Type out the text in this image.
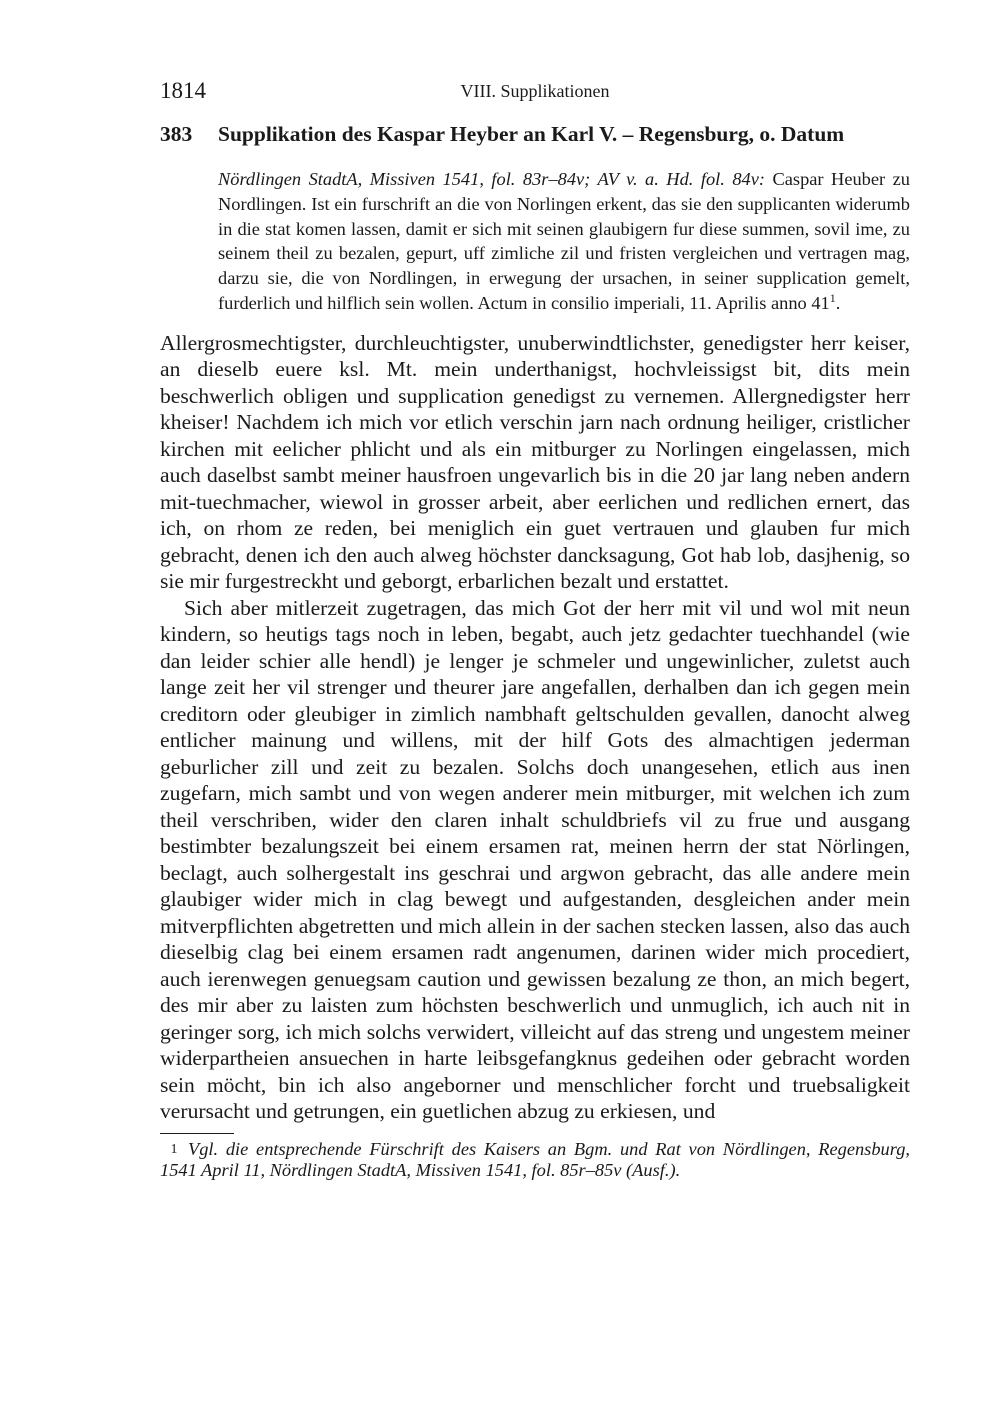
1814	VIII. Supplikationen
383 Supplikation des Kaspar Heyber an Karl V. – Regensburg, o. Datum
Nördlingen StadtA, Missiven 1541, fol. 83r–84v; AV v. a. Hd. fol. 84v: Caspar Heuber zu Nordlingen. Ist ein furschrift an die von Norlingen erkent, das sie den supplicanten widerumb in die stat komen lassen, damit er sich mit seinen glaubigern fur diese summen, sovil ime, zu seinem theil zu bezalen, gepurt, uff zimliche zil und fristen vergleichen und vertragen mag, darzu sie, die von Nordlingen, in erwegung der ursachen, in seiner supplication gemelt, furderlich und hilflich sein wollen. Actum in consilio imperiali, 11. Aprilis anno 41$^1$.

Allergrosmechtigster, durchleuchtigster, unuberwindtlichster, genedigster herr keiser, an dieselb euere ksl. Mt. mein underthanigst, hochvleissigst bit, dits mein beschwerlich obligen und supplication genedigst zu vernemen. Allergnedigster herr kheiser! Nachdem ich mich vor etlich verschin jarn nach ordnung heiliger, cristlicher kirchen mit eelicher phlicht und als ein mitburger zu Norlingen eingelassen, mich auch daselbst sambt meiner hausfroen ungevarlich bis in die 20 jar lang neben andern mit-tuechmacher, wiewol in grosser arbeit, aber eerlichen und redlichen ernert, das ich, on rhom ze reden, bei meniglich ein guet vertrauen und glauben fur mich gebracht, denen ich den auch alweg höchster dancksagung, Got hab lob, dasjhenig, so sie mir furgestreckht und geborgt, erbarlichen bezalt und erstattet.

Sich aber mitlerzeit zugetragen, das mich Got der herr mit vil und wol mit neun kindern, so heutigs tags noch in leben, begabt, auch jetz gedachter tuechhandel (wie dan leider schier alle hendl) je lenger je schmeler und ungewinlicher, zuletst auch lange zeit her vil strenger und theurer jare angefallen, derhalben dan ich gegen mein creditorn oder gleubiger in zimlich nambhaft geltschulden gevallen, danocht alweg entlicher mainung und willens, mit der hilf Gots des almachtigen jederman geburlicher zill und zeit zu bezalen. Solchs doch unangesehen, etlich aus inen zugefarn, mich sambt und von wegen anderer mein mitburger, mit welchen ich zum theil verschriben, wider den claren inhalt schuldbriefs vil zu frue und ausgang bestimbter bezalungszeit bei einem ersamen rat, meinen herrn der stat Nörlingen, beclagt, auch solhergestalt ins geschrai und argwon gebracht, das alle andere mein glaubiger wider mich in clag bewegt und aufgestanden, desgleichen ander mein mitverpflichten abgetretten und mich allein in der sachen stecken lassen, also das auch dieselbig clag bei einem ersamen radt angenumen, darinen wider mich procediert, auch ierenwegen genuegsam caution und gewissen bezalung ze thon, an mich begert, des mir aber zu laisten zum höchsten beschwerlich und unmuglich, ich auch nit in geringer sorg, ich mich solchs verwidert, villeicht auf das streng und ungestem meiner widerpartheien ansuechen in harte leibsgefangknus gedeihen oder gebracht worden sein möcht, bin ich also angeborner und menschlicher forcht und truebsaligkeit verursacht und getrungen, ein guetlichen abzug zu erkiesen, und

1 Vgl. die entsprechende Fürschrift des Kaisers an Bgm. und Rat von Nördlingen, Regensburg, 1541 April 11, Nördlingen StadtA, Missiven 1541, fol. 85r–85v (Ausf.).
